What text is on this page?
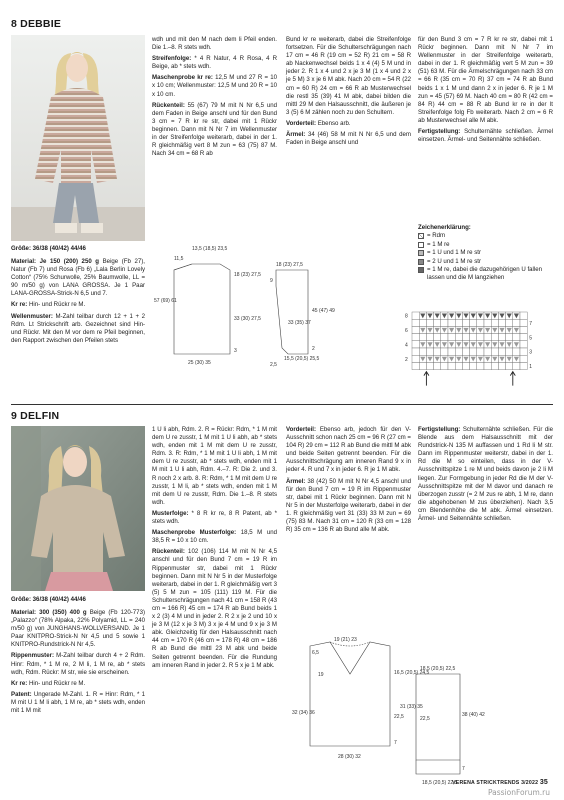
8 DEBBIE
Größe: 36/38 (40/42) 44/46

Material: Je 150 (200) 250 g Beige (Fb 27), Natur (Fb 7) und Rosa (Fb 6) „Lala Berlin Lovely Cotton“ (75% Schurwolle, 25% Baumwolle, LL = 90 m/50 g) von LANA GROSSA. Je 1 Paar LANA-GROSSA-Strick-N 6,5 und 7.

Kr re: Hin- und Rückr re M.

Wellenmuster: M-Zahl teilbar durch 12 + 1 + 2 Rdm. Lt Strickschrift arb. Gezeichnet sind Hin- und Rückr. Mit den M vor dem re Pfeil beginnen, den Rapport zwischen den Pfeilen stets

wdh und mit den M nach dem li Pfeil enden. Die 1.–8. R stets wdh.

Streifenfolge: * 4 R Natur, 4 R Rosa, 4 R Beige, ab * stets wdh.

Maschenprobe kr re: 12,5 M und 27 R = 10 x 10 cm; Wellenmuster: 12,5 M und 20 R = 10 x 10 cm.

Rückenteil: 55 (67) 79 M mit N Nr 6,5 und dem Faden in Beige anschl und für den Bund 3 cm = 7 R kr re str, dabei mit 1 Rückr beginnen. Dann mit N Nr 7 im Wellenmuster in der Streifenfolge weiterarb, dabei in der 1. R gleichmäßig vert 8 M zun = 63 (75) 87 M. Nach 34 cm = 68 R ab

Bund kr re weiterarb, dabei die Streifenfolge fortsetzen. Für die Schulterschrägungen nach 17 cm = 46 R (19 cm = 52 R) 21 cm = 58 R ab Nackenwechsel beids 1 x 4 (4) 5 M und in jeder 2. R 1 x 4 und 2 x je 3 M (1 x 4 und 2 x je 5 M) 3 x je 6 M abk. Nach 20 cm = 54 R (22 cm = 60 R) 24 cm = 66 R ab Musterwechsel die restl 35 (39) 41 M abk, dabei bilden die mittl 29 M den Halsausschnitt, die äußeren je 3 (5) 6 M zählen noch zu den Schultern.

Vorderteil: Ebenso arb.

Ärmel: 34 (46) 58 M mit N Nr 6,5 und dem Faden in Beige anschl und

für den Bund 3 cm = 7 R kr re str, dabei mit 1 Rückr beginnen. Dann mit N Nr 7 im Wellenmuster in der Streifenfolge weiterarb, dabei in der 1. R gleichmäßig vert 5 M zun = 39 (51) 63 M. Für die Ärmelschrägungen nach 33 cm = 66 R (35 cm = 70 R) 37 cm = 74 R ab Bund beids 1 x 1 M und dann 2 x in jeder 6. R je 1 M zun = 45 (57) 69 M. Nach 40 cm = 80 R (42 cm = 84 R) 44 cm = 88 R ab Bund kr re in der lt Streifenfolge folg Fb weiterarb. Nach 2 cm = 6 R ab Musterwechsel alle M abk.

Fertigstellung: Schulternähte schließen. Ärmel einsetzen. Ärmel- und Seitennähte schließen.

Zeichenerklärung:
= Rdm
= 1 M re
= 1 U und 1 M re str
= 2 U und 1 M re str
= 1 M re, dabei die dazugehörigen U fallen lassen und die M langziehen
13,5 (18,5) 23,5
11,5
57 (69) 61
18 (23) 27,5
33 (30) 27,5
3
25 (30) 35
18 (23) 27,5
9
33 (35) 37
45 (47) 49
2
15,5 (20,5) 25,5
2,5
8
7
6
5
4
3
2
1
9 DELFIN
Größe: 36/38 (40/42) 44/46

Material: 300 (350) 400 g Beige (Fb 120-773) „Palazzo“ (78% Alpaka, 22% Polyamid, LL = 240 m/50 g) von JUNGHANS-WOLLVERSAND. Je 1 Paar KNITPRO-Strick-N Nr 4,5 und 5 sowie 1 KNITPRO-Rundstrick-N Nr 4,5.

Rippenmuster: M-Zahl teilbar durch 4 + 2 Rdm. Hinr: Rdm, * 1 M re, 2 M li, 1 M re, ab * stets wdh, Rdm. Rückr: M str, wie sie erscheinen.

Kr re: Hin- und Rückr re M.

Patent: Ungerade M-Zahl. 1. R = Hinr: Rdm, * 1 M mit U 1 M li abh, 1 M re, ab * stets wdh, enden mit 1 M mit

1 U li abh, Rdm. 2. R = Rückr: Rdm, * 1 M mit dem U re zusstr, 1 M mit 1 U li abh, ab * stets wdh, enden mit 1 M mit dem U re zusstr, Rdm. 3. R: Rdm, * 1 M mit 1 U li abh, 1 M mit dem U re zusstr, ab * stets wdh, enden mit 1 M mit 1 U li abh, Rdm. 4.–7. R: Die 2. und 3. R noch 2 x arb. 8. R: Rdm, * 1 M mit dem U re zusstr, 1 M li, ab * stets wdh, enden mit 1 M mit dem U re zusstr, Rdm. Die 1.–8. R stets wdh.

Musterfolge: * 8 R kr re, 8 R Patent, ab * stets wdh.

Maschenprobe Musterfolge: 18,5 M und 38,5 R = 10 x 10 cm.

Rückenteil: 102 (106) 114 M mit N Nr 4,5 anschl und für den Bund 7 cm = 19 R im Rippenmuster str, dabei mit 1 Rückr beginnen. Dann mit N Nr 5 in der Musterfolge weiterarb, dabei in der 1. R gleichmäßig vert 3 (5) 5 M zun = 105 (111) 119 M. Für die Schulterschrägungen nach 41 cm = 158 R (43 cm = 166 R) 45 cm = 174 R ab Bund beids 1 x 2 (3) 4 M und in jeder 2. R 2 x je 2 und 10 x je 3 M (12 x je 3 M) 3 x je 4 M und 9 x je 3 M abk. Gleichzeitig für den Halsausschnitt nach 44 cm = 170 R (46 cm = 178 R) 48 cm = 186 R ab Bund die mittl 23 M abk und beide Seiten getrennt beenden. Für die Rundung am inneren Rand in jeder 2. R 5 x je 1 M abk.

Vorderteil: Ebenso arb, jedoch für den V-Ausschnitt schon nach 25 cm = 96 R (27 cm = 104 R) 29 cm = 112 R ab Bund die mittl M abk und beide Seiten getrennt beenden. Für die Ausschnittschrägung am inneren Rand 9 x in jeder 4. R und 7 x in jeder 6. R je 1 M abk.

Ärmel: 38 (42) 50 M mit N Nr 4,5 anschl und für den Bund 7 cm = 19 R im Rippenmuster str, dabei mit 1 Rückr beginnen. Dann mit N Nr 5 in der Musterfolge weiterarb, dabei in der 1. R gleichmäßig vert 31 (33) 33 M zun = 69 (75) 83 M. Nach 31 cm = 120 R (33 cm = 128 R) 35 cm = 136 R ab Bund alle M abk.

Fertigstellung: Schulternähte schließen. Für die Blende aus dem Halsausschnitt mit der Rundstrick-N 135 M auffassen und 1 Rd li M str. Dann im Rippenmuster weiterstr, dabei in der 1. Rd die M so einteilen, dass in der V-Ausschnittspitze 1 re M und beids davon je 2 li M liegen. Zur Formgebung in jeder Rd die M der V-Ausschnittspitze mit der M davor und danach re überzogen zusstr (= 2 M zus re abh, 1 M re, dann die abgehobenen M zus überziehen). Nach 3,5 cm Blendenhöhe die M abk. Ärmel einsetzen. Ärmel- und Seitennähte schließen.

19 (21) 23
6,5
19	16,5 (20,5) 24,5
22,5
32 (34) 36
7
28 (30) 32
18,5 (20,5) 22,5
31 (33) 35
22,5
38 (40) 42
7
18,5 (20,5) 22,5
VERENA STRICKTRENDS 3/2022 35
PassionForum.ru
